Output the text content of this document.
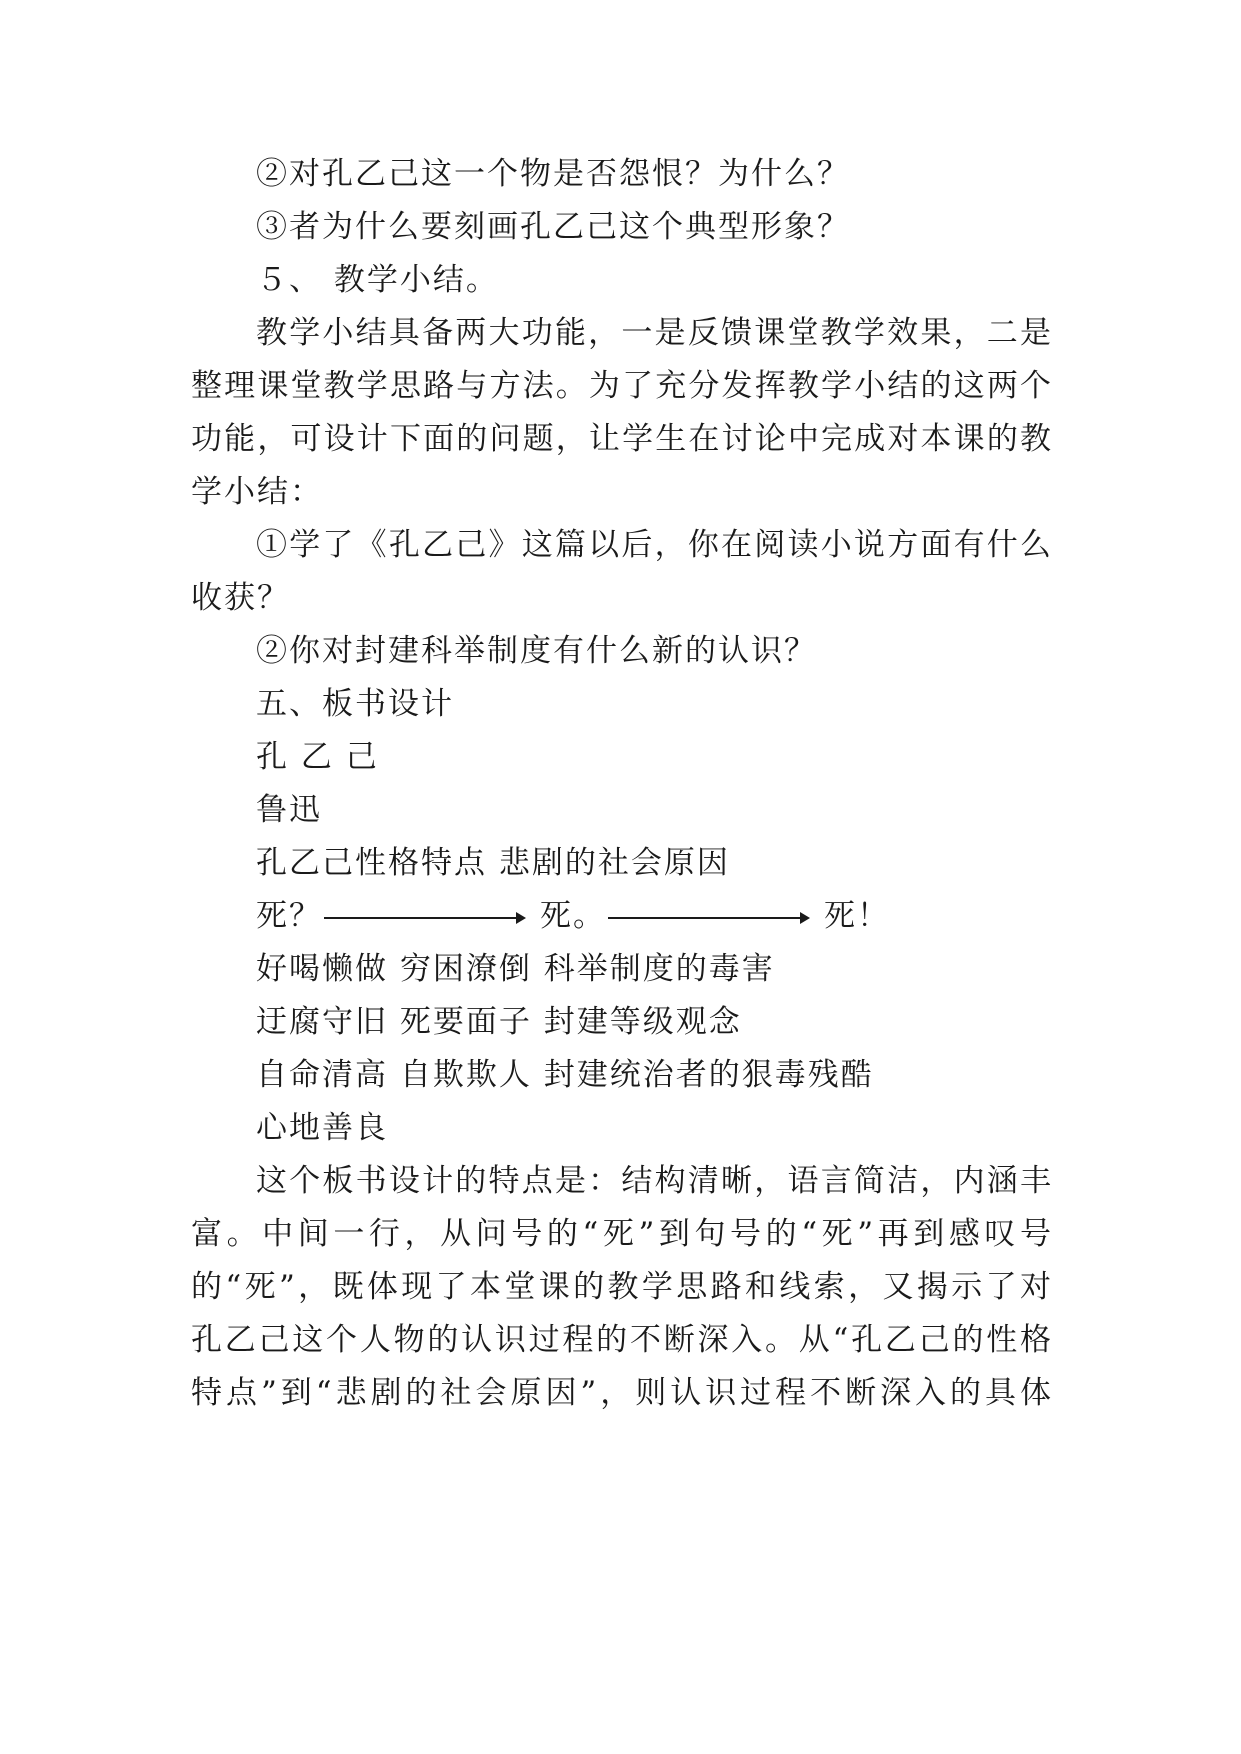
②对孔乙己这一个物是否怨恨？为什么？
③者为什么要刻画孔乙己这个典型形象？
５、 教学小结。
教学小结具备两大功能，一是反馈课堂教学效果，二是
整理课堂教学思路与方法。为了充分发挥教学小结的这两个
功能，可设计下面的问题，让学生在讨论中完成对本课的教
学小结：
①学了《孔乙己》这篇以后，你在阅读小说方面有什么
收获？
②你对封建科举制度有什么新的认识？
五、板书设计
孔 乙 己
鲁迅
孔乙己性格特点 悲剧的社会原因
死？	死。	死！
好喝懒做 穷困潦倒 科举制度的毒害
迂腐守旧 死要面子 封建等级观念
自命清高 自欺欺人 封建统治者的狠毒残酷
心地善良
这个板书设计的特点是：结构清晰，语言简洁，内涵丰
富。中间一行，从问号的“死”到句号的“死”再到感叹号
的“死”，既体现了本堂课的教学思路和线索，又揭示了对
孔乙己这个人物的认识过程的不断深入。从“孔乙己的性格
特点”到“悲剧的社会原因”，则认识过程不断深入的具体
